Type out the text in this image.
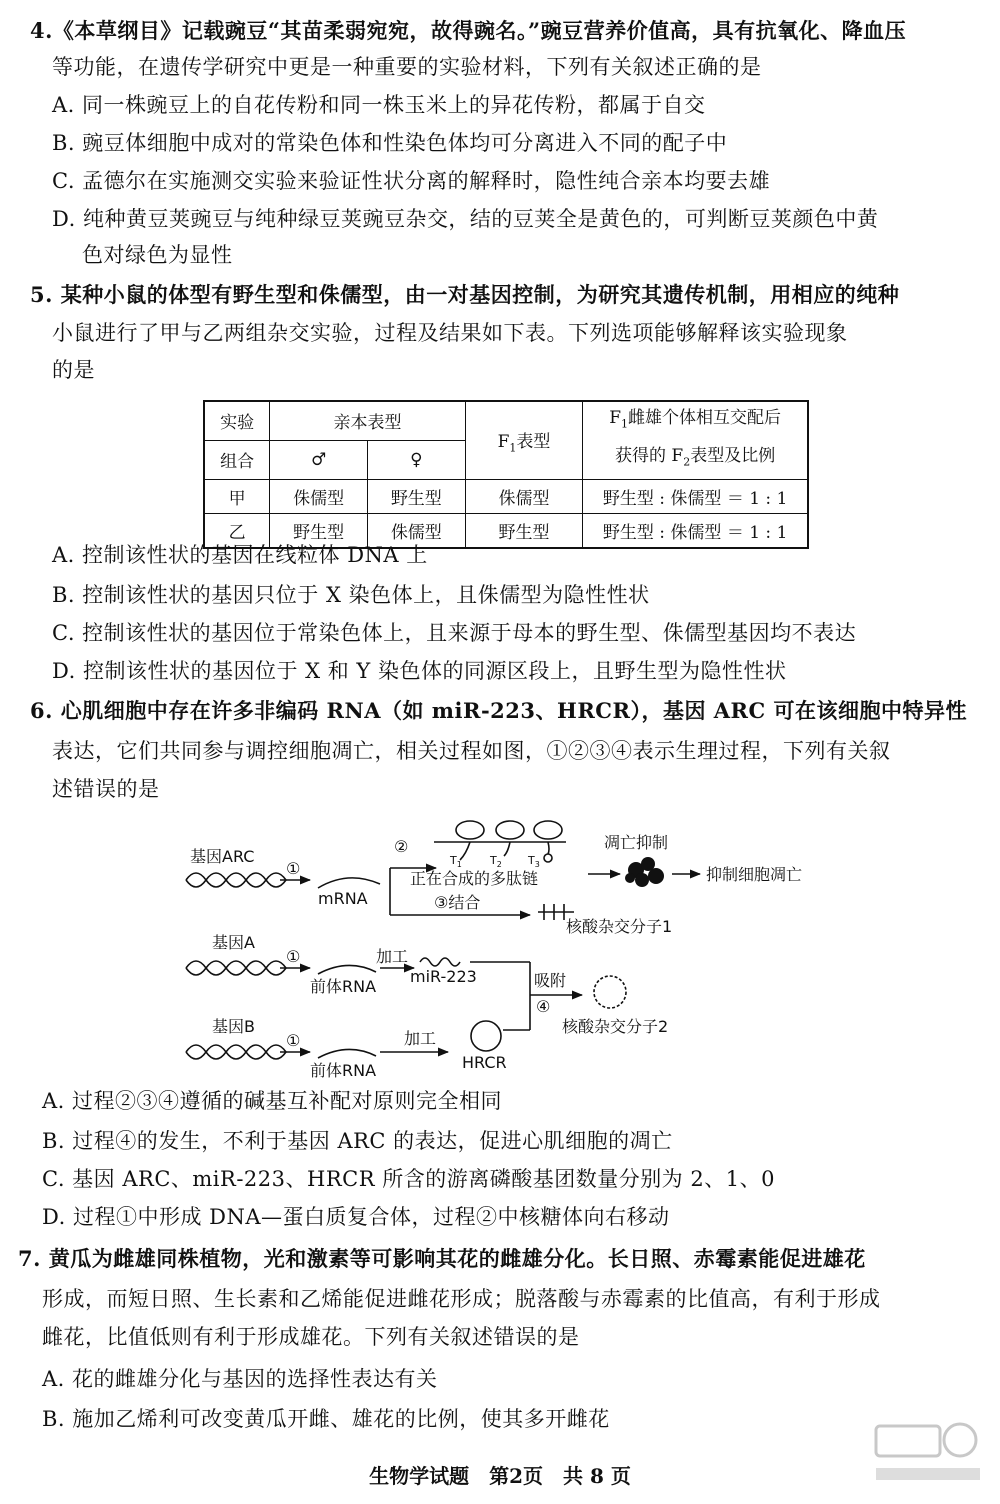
4.《本草纲目》记载豌豆“其苗柔弱宛宛，故得豌名。”豌豆营养价值高，具有抗氧化、降血压
等功能，在遗传学研究中更是一种重要的实验材料，下列有关叙述正确的是
A. 同一株豌豆上的自花传粉和同一株玉米上的异花传粉，都属于自交
B. 豌豆体细胞中成对的常染色体和性染色体均可分离进入不同的配子中
C. 孟德尔在实施测交实验来验证性状分离的解释时，隐性纯合亲本均要去雄
D. 纯种黄豆荚豌豆与纯种绿豆荚豌豆杂交，结的豆荚全是黄色的，可判断豆荚颜色中黄
色对绿色为显性
5. 某种小鼠的体型有野生型和侏儒型，由一对基因控制，为研究其遗传机制，用相应的纯种
小鼠进行了甲与乙两组杂交实验，过程及结果如下表。下列选项能够解释该实验现象
的是
实验	亲本表型		$F_1$表型	$F_1$雌雄个体相互交配后
获得的 $F_2$表型及比例
组合	♂	♀		
甲	侏儒型	野生型	侏儒型	野生型 : 侏儒型 ＝ 1 : 1
乙	野生型	侏儒型	野生型	野生型 : 侏儒型 ＝ 1 : 1
A. 控制该性状的基因在线粒体 DNA 上
B. 控制该性状的基因只位于 X 染色体上，且侏儒型为隐性性状
C. 控制该性状的基因位于常染色体上，且来源于母本的野生型、侏儒型基因均不表达
D. 控制该性状的基因位于 X 和 Y 染色体的同源区段上，且野生型为隐性性状
6. 心肌细胞中存在许多非编码 RNA（如 miR-223、HRCR），基因 ARC 可在该细胞中特异性
表达，它们共同参与调控细胞凋亡，相关过程如图，①②③④表示生理过程，下列有关叙
述错误的是
基因ARC
基因A
基因B
①
①
①
mRNA
②
$T_1$	$T_2$ $T_3$
正在合成的多肽链
凋亡抑制
抑制细胞凋亡
③结合
核酸杂交分子1
加工
前体RNA
miR-223	吸附
④
核酸杂交分子2
加工
前体RNA	HRCR
A. 过程②③④遵循的碱基互补配对原则完全相同
B. 过程④的发生，不利于基因 ARC 的表达，促进心肌细胞的凋亡
C. 基因 ARC、miR-223、HRCR 所含的游离磷酸基团数量分别为 2、1、0
D. 过程①中形成 DNA—蛋白质复合体，过程②中核糖体向右移动
7. 黄瓜为雌雄同株植物，光和激素等可影响其花的雌雄分化。长日照、赤霉素能促进雄花
形成，而短日照、生长素和乙烯能促进雌花形成；脱落酸与赤霉素的比值高，有利于形成
雌花，比值低则有利于形成雄花。下列有关叙述错误的是
A. 花的雌雄分化与基因的选择性表达有关
B. 施加乙烯利可改变黄瓜开雌、雄花的比例，使其多开雌花
生物学试题　第2页　共 8 页
